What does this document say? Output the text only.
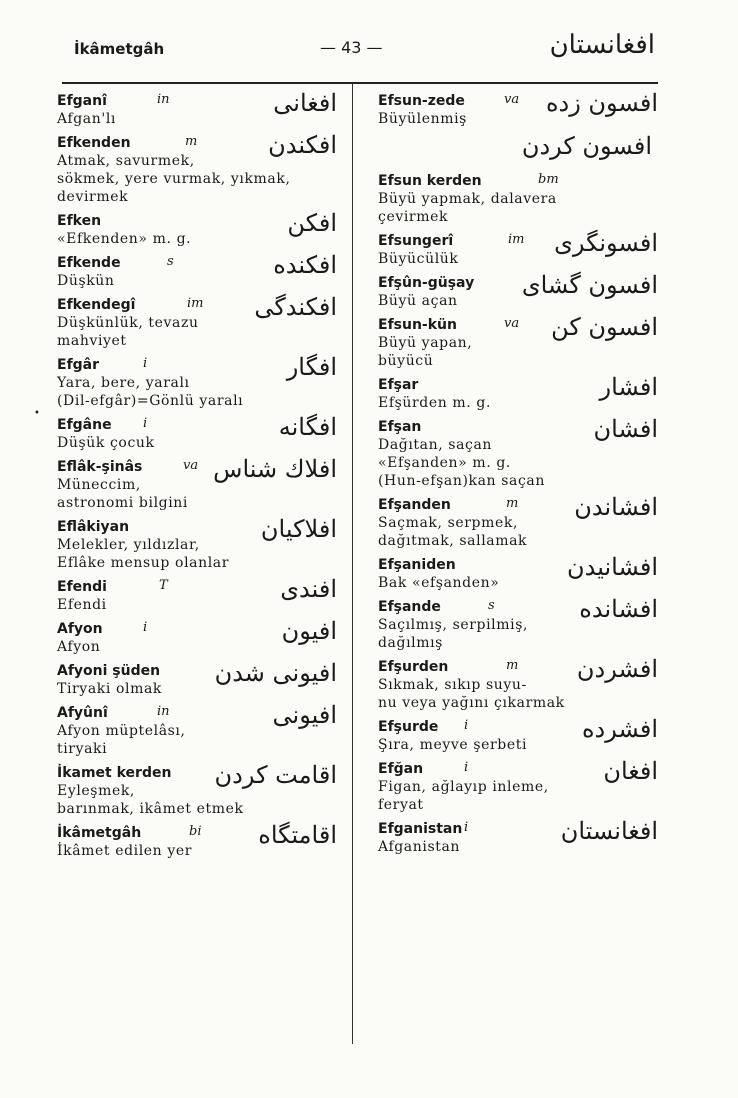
İkâmetgâh	— 43 —	افغانستان
•
Efganî	in	افغانی
Afgan'lı
Efkenden	m	افکندن
Atmak, savurmek,
sökmek, yere vurmak, yıkmak,
devirmek
Efken	افکن
«Efkenden» m. g.
Efkende	s	افکنده
Düşkün
Efkendegî	im افکندگی
Düşkünlük, tevazu
mahviyet
Efgâr	i	افگار
Yara, bere, yaralı
(Dil-efgâr)=Gönlü yaralı
Efgâne	i	افگانه
Düşük çocuk
Eflâk-şinâs	va افلاك شناس
Müneccim,
astronomi bilgini
Eflâkiyan	افلاکیان
Melekler, yıldızlar,
Eflâke mensup olanlar
Efendi	T	افندی
Efendi
Afyon	i	افیون
Afyon
Afyoni şüden	افیونی شدن
Tiryaki olmak
Afyûnî	in	افیونی
Afyon müptelâsı,
tiryaki
İkamet kerden	اقامت کردن
Eyleşmek,
barınmak, ikâmet etmek
İkâmetgâh	bi اقامتگاه
İkâmet edilen yer
Efsun-zede	va افسون زده
Büyülenmiş
افسون کردن
Efsun kerden	bm
Büyü yapmak, dalavera
çevirmek
Efsungerî	im افسونگری
Büyücülük
Efşûn-güşay	افسون گشای
Büyü açan
Efsun-kün	va افسون کن
Büyü yapan,
büyücü
Efşar	افشار
Efşürden m. g.
Efşan	افشان
Dağıtan, saçan
«Efşanden» m. g.
(Hun-efşan)kan saçan
Efşanden	m افشاندن
Saçmak, serpmek,
dağıtmak, sallamak
Efşaniden	افشانیدن
Bak «efşanden»
Efşande	s	افشانده
Saçılmış, serpilmiş,
dağılmış
Efşurden	m افشردن
Sıkmak, sıkıp suyu-
nu veya yağını çıkarmak
Efşurde	i	افشرده
Şıra, meyve şerbeti
Efğan	i	افغان
Figan, ağlayıp inleme,
feryat
Efganistan i	افغانستان
Afganistan
